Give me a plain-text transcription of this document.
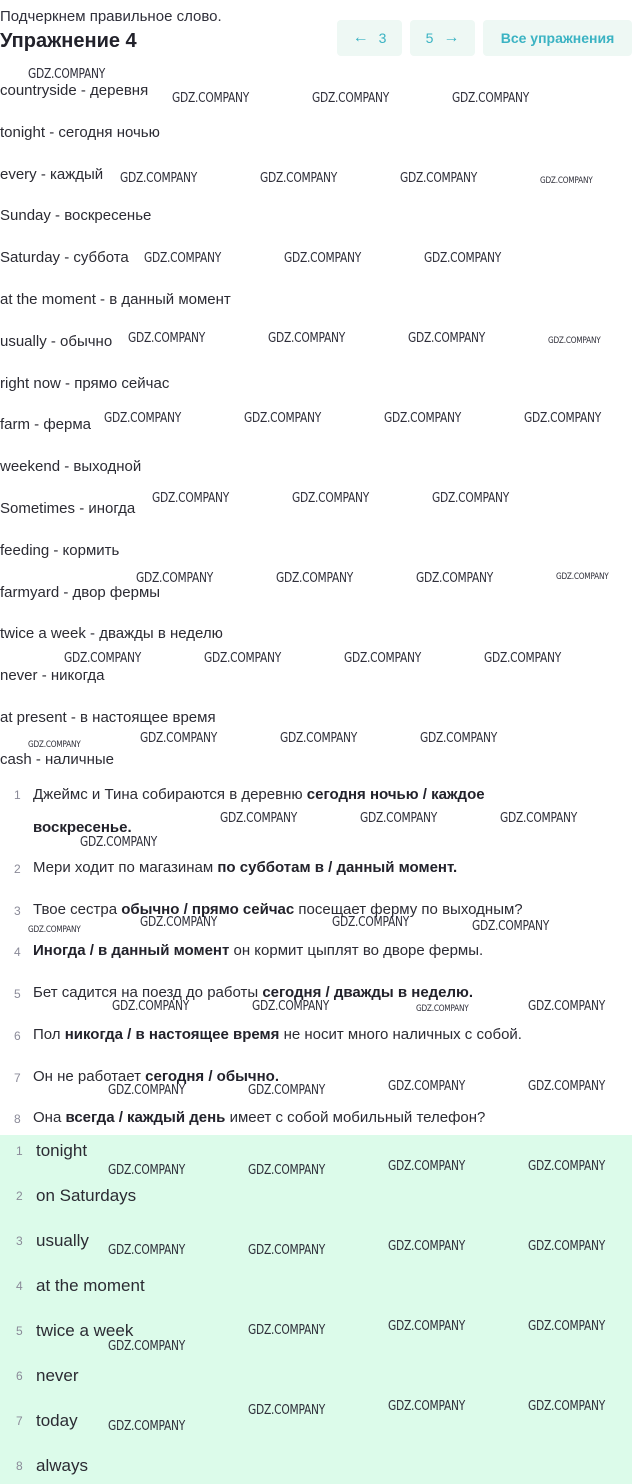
Подчеркнем правильное слово.
Упражнение 4	← 3	5 →	Все упражнения
countryside - деревня
tonight - сегодня ночью
every - каждый
Sunday - воскресенье
Saturday - суббота
at the moment - в данный момент
usually - обычно
right now - прямо сейчас
farm - ферма
weekend - выходной
Sometimes - иногда
feeding - кормить
farmyard - двор фермы
twice a week - дважды в неделю
never - никогда
at present - в настоящее время
cash - наличные
1 Джеймс и Тина собираются в деревню сегодня ночью / каждое воскресенье.
2 Мери ходит по магазинам по субботам в / данный момент.
3 Твое сестра обычно / прямо сейчас посещает ферму по выходным?
4 Иногда / в данный момент он кормит цыплят во дворе фермы.
5 Бет садится на поезд до работы сегодня / дважды в неделю.
6 Пол никогда / в настоящее время не носит много наличных с собой.
7 Он не работает сегодня / обычно.
8 Она всегда / каждый день имеет с собой мобильный телефон?
1 tonight
2 on Saturdays
3 usually
4 at the moment
5 twice a week
6 never
7 today
8 always
GDZ.COMPANY
GDZ.COMPANY	GDZ.COMPANY	GDZ.COMPANY
GDZ.COMPANY	GDZ.COMPANY	GDZ.COMPANY	GDZ.COMPANY
GDZ.COMPANY	GDZ.COMPANY	GDZ.COMPANY
GDZ.COMPANY	GDZ.COMPANY	GDZ.COMPANY	GDZ.COMPANY
GDZ.COMPANY	GDZ.COMPANY	GDZ.COMPANY	GDZ.COMPANY
GDZ.COMPANY	GDZ.COMPANY	GDZ.COMPANY
GDZ.COMPANY	GDZ.COMPANY	GDZ.COMPANY	GDZ.COMPANY
GDZ.COMPANY	GDZ.COMPANY	GDZ.COMPANY	GDZ.COMPANY
GDZ.COMPANY	GDZ.COMPANY	GDZ.COMPANY	GDZ.COMPANY
GDZ.COMPANY	GDZ.COMPANY	GDZ.COMPANY
GDZ.COMPANY
GDZ.COMPANY	GDZ.COMPANY	GDZ.COMPANY	GDZ.COMPANY
GDZ.COMPANY	GDZ.COMPANY	GDZ.COMPANY	GDZ.COMPANY
GDZ.COMPANY	GDZ.COMPANY	GDZ.COMPANY	GDZ.COMPANY
GDZ.COMPANY	GDZ.COMPANY	GDZ.COMPANY	GDZ.COMPANY
GDZ.COMPANY	GDZ.COMPANY	GDZ.COMPANY	GDZ.COMPANY
GDZ.COMPANY
GDZ.COMPANY	GDZ.COMPANY	GDZ.COMPANY
GDZ.COMPANY
GDZ.COMPANY	GDZ.COMPANY	GDZ.COMPANY
